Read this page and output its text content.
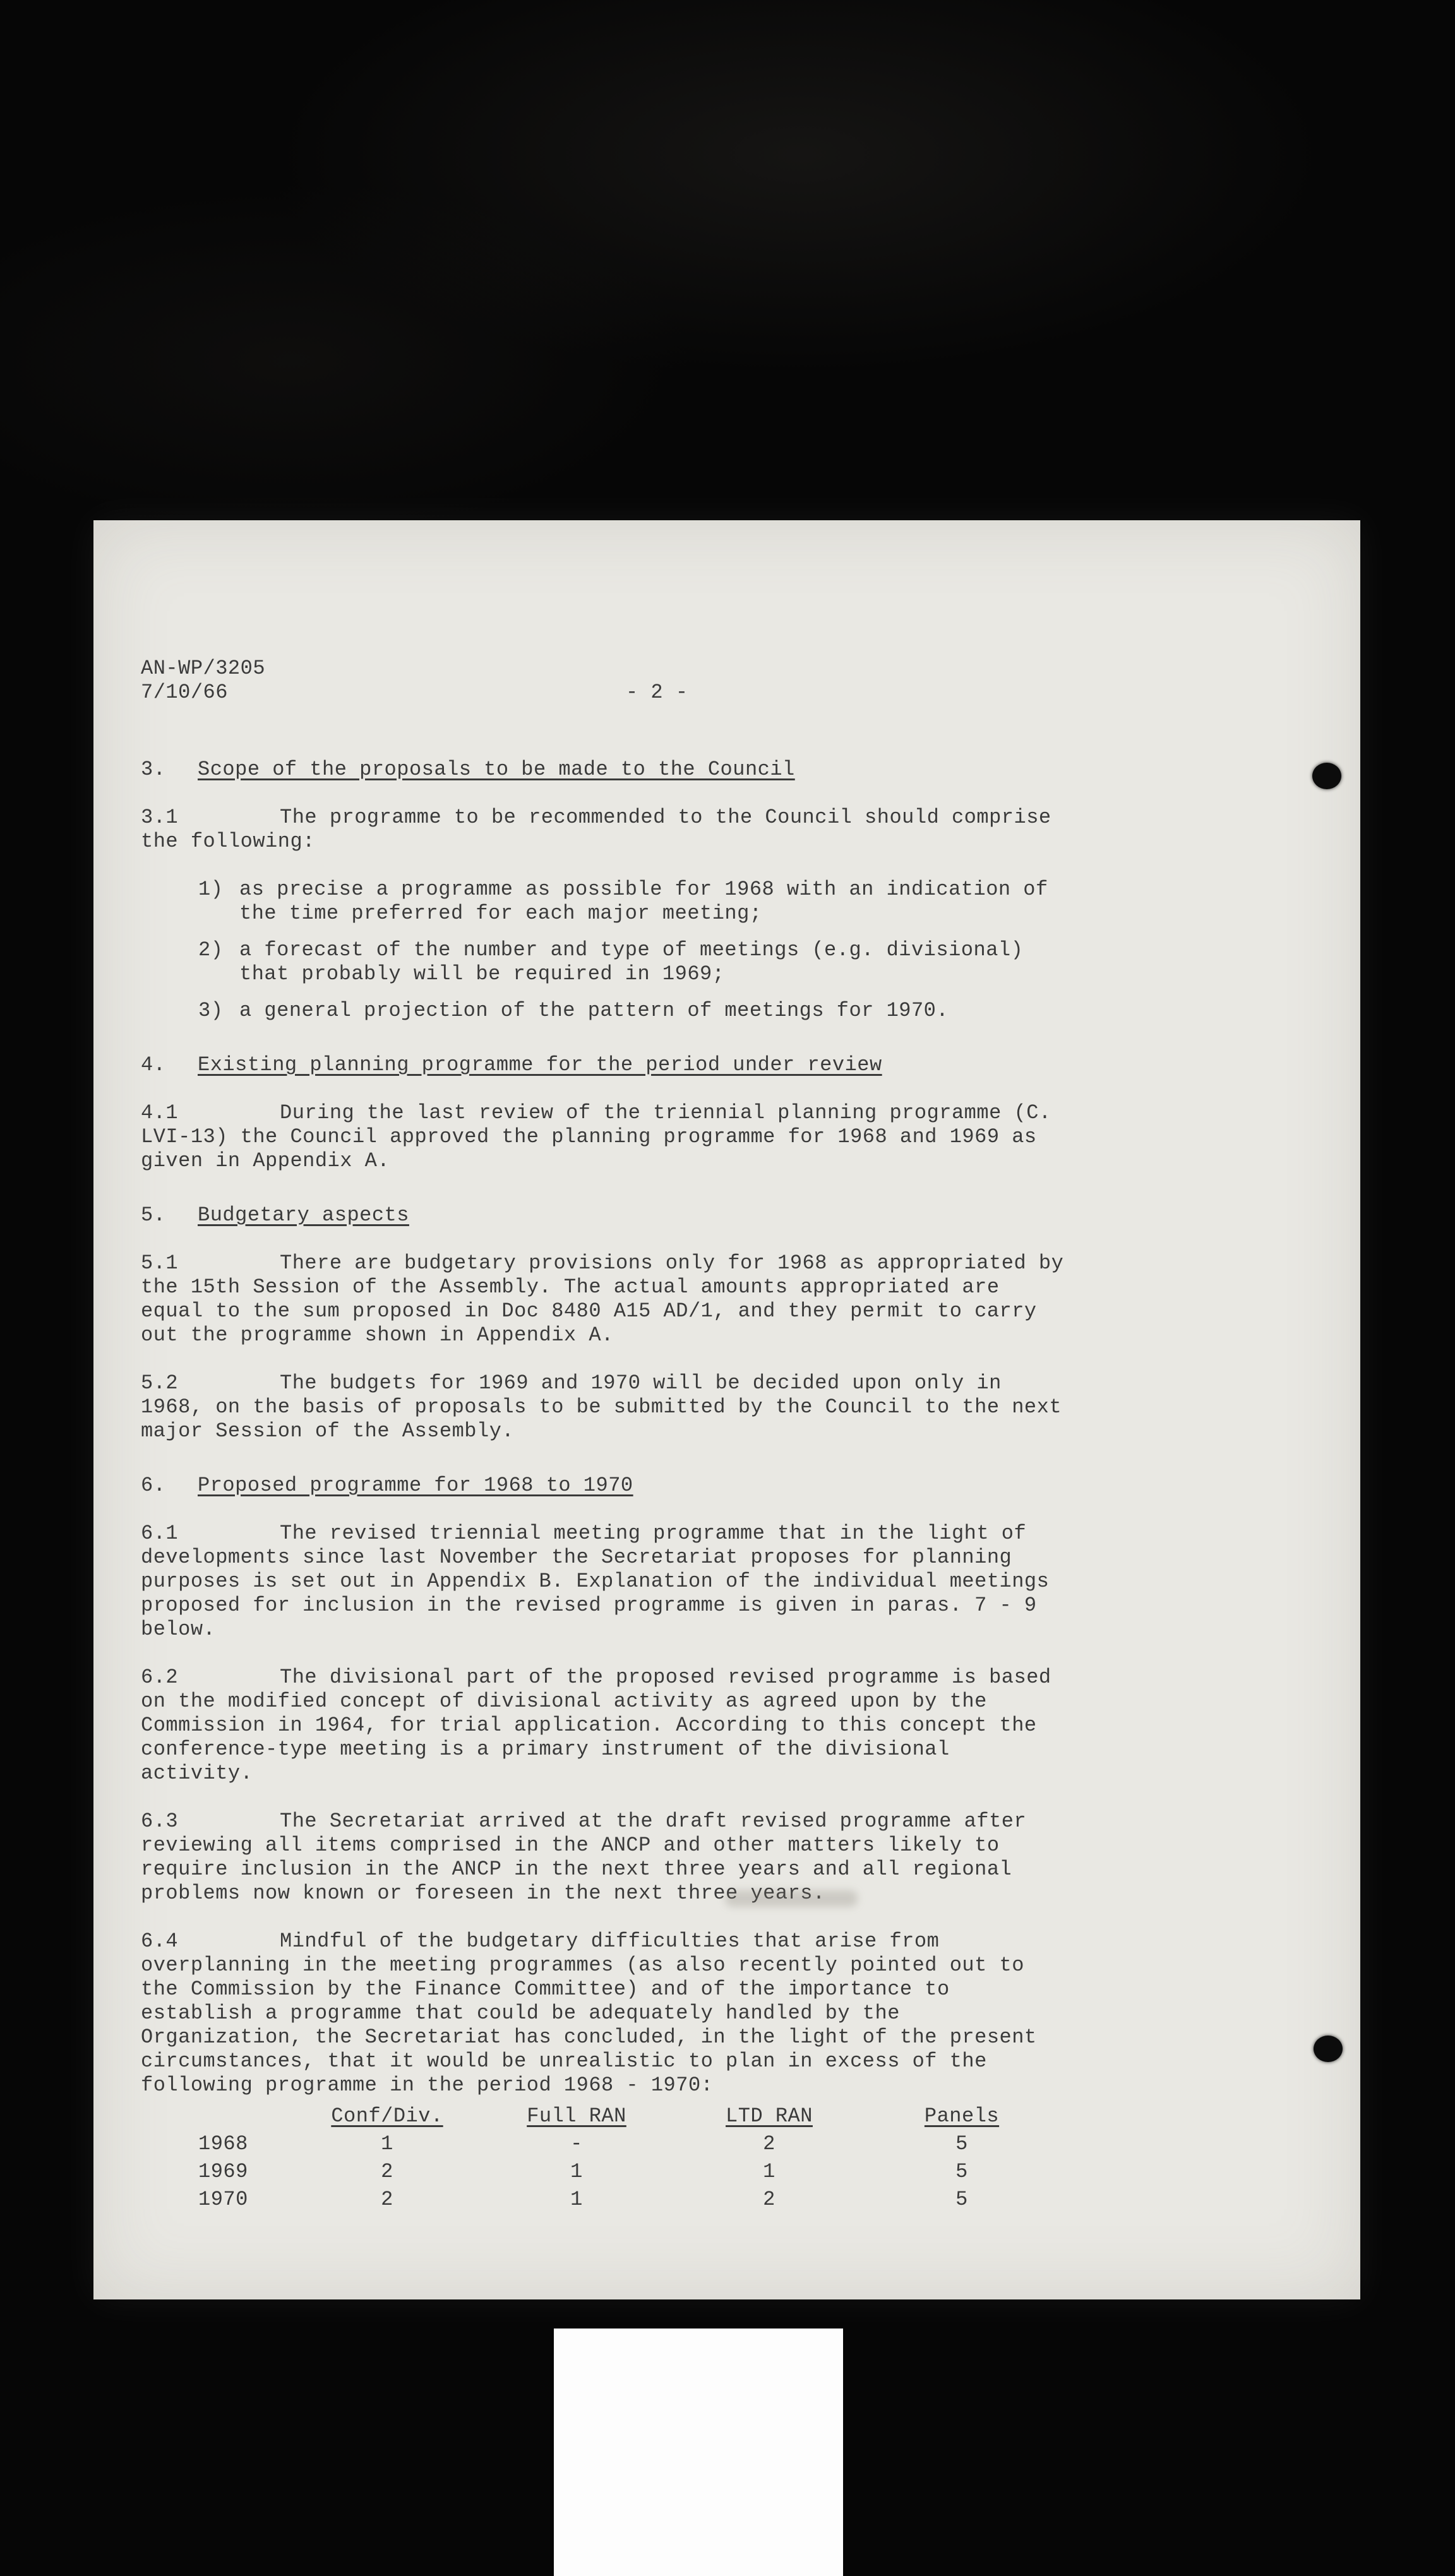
AN-WP/3205
7/10/66	- 2 -
3. Scope of the proposals to be made to the Council

3.1	The programme to be recommended to the Council should comprise the following:

1) as precise a programme as possible for 1968 with an indication of the time preferred for each major meeting;
2) a forecast of the number and type of meetings (e.g. divisional) that probably will be required in 1969;
3) a general projection of the pattern of meetings for 1970.
4. Existing planning programme for the period under review

4.1	During the last review of the triennial planning programme (C. LVI-13) the Council approved the planning programme for 1968 and 1969 as given in Appendix A.

5. Budgetary aspects

5.1	There are budgetary provisions only for 1968 as appropriated by the 15th Session of the Assembly. The actual amounts appropriated are equal to the sum proposed in Doc 8480 A15 AD/1, and they permit to carry out the programme shown in Appendix A.

5.2	The budgets for 1969 and 1970 will be decided upon only in 1968, on the basis of proposals to be submitted by the Council to the next major Session of the Assembly.

6. Proposed programme for 1968 to 1970

6.1	The revised triennial meeting programme that in the light of developments since last November the Secretariat proposes for planning purposes is set out in Appendix B. Explanation of the individual meetings proposed for inclusion in the revised programme is given in paras. 7 - 9 below.

6.2	The divisional part of the proposed revised programme is based on the modified concept of divisional activity as agreed upon by the Commission in 1964, for trial application. According to this concept the conference-type meeting is a primary instrument of the divisional activity.

6.3	The Secretariat arrived at the draft revised programme after reviewing all items comprised in the ANCP and other matters likely to require inclusion in the ANCP in the next three years and all regional problems now known or foreseen in the next three years.

6.4	Mindful of the budgetary difficulties that arise from overplanning in the meeting programmes (as also recently pointed out to the Commission by the Finance Committee) and of the importance to establish a programme that could be adequately handled by the Organization, the Secretariat has concluded, in the light of the present circumstances, that it would be unrealistic to plan in excess of the following programme in the period 1968 - 1970:

Conf/Div.	Full RAN	LTD RAN	Panels
1968	1	-	2	5
1969	2	1	1	5
1970	2	1	2	5
